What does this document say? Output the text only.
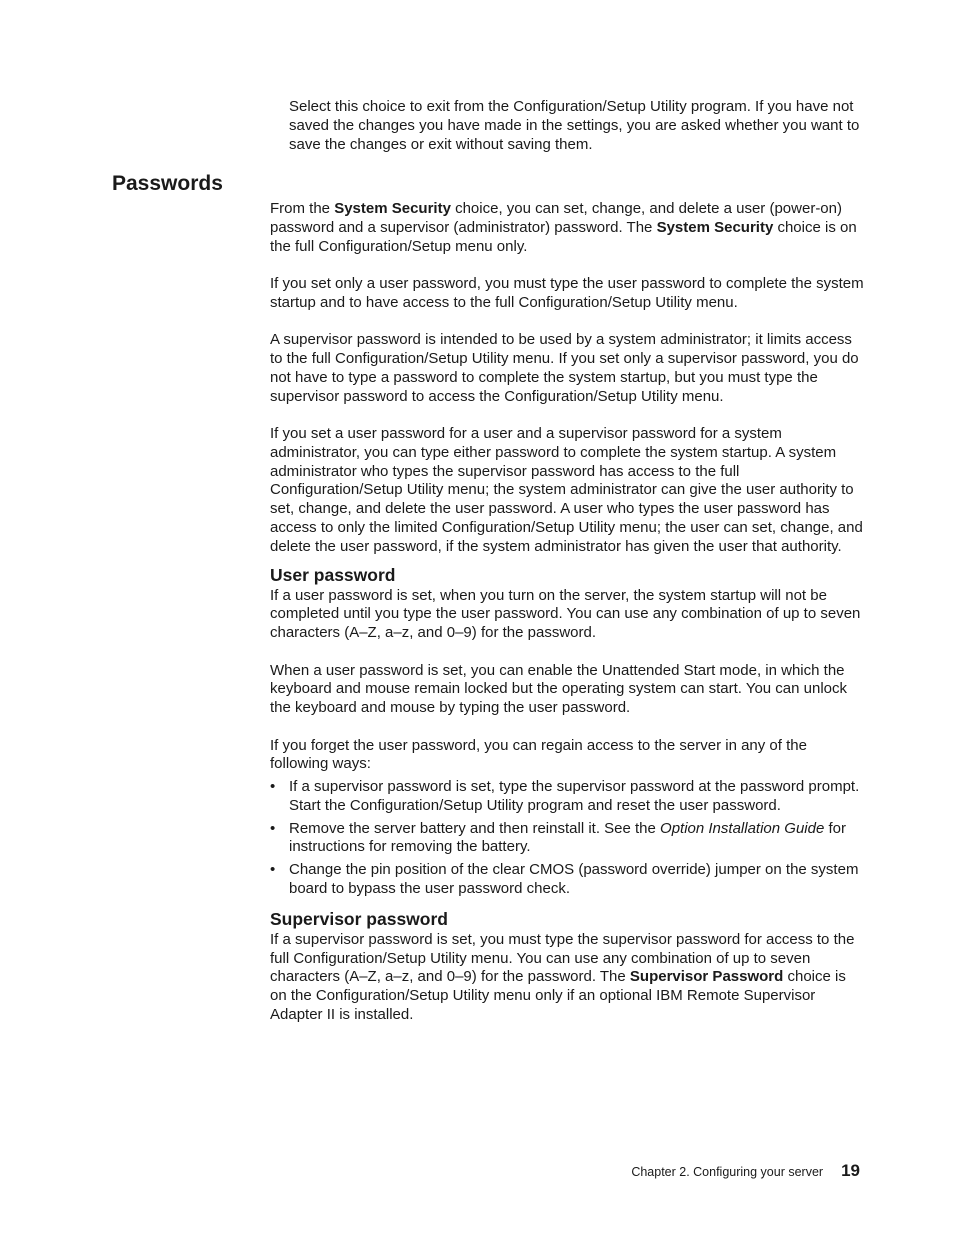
Select this choice to exit from the Configuration/Setup Utility program. If you have not saved the changes you have made in the settings, you are asked whether you want to save the changes or exit without saving them.

Passwords

From the System Security choice, you can set, change, and delete a user (power-on) password and a supervisor (administrator) password. The System Security choice is on the full Configuration/Setup menu only.

If you set only a user password, you must type the user password to complete the system startup and to have access to the full Configuration/Setup Utility menu.

A supervisor password is intended to be used by a system administrator; it limits access to the full Configuration/Setup Utility menu. If you set only a supervisor password, you do not have to type a password to complete the system startup, but you must type the supervisor password to access the Configuration/Setup Utility menu.

If you set a user password for a user and a supervisor password for a system administrator, you can type either password to complete the system startup. A system administrator who types the supervisor password has access to the full Configuration/Setup Utility menu; the system administrator can give the user authority to set, change, and delete the user password. A user who types the user password has access to only the limited Configuration/Setup Utility menu; the user can set, change, and delete the user password, if the system administrator has given the user that authority.

User password

If a user password is set, when you turn on the server, the system startup will not be completed until you type the user password. You can use any combination of up to seven characters (A–Z, a–z, and 0–9) for the password.

When a user password is set, you can enable the Unattended Start mode, in which the keyboard and mouse remain locked but the operating system can start. You can unlock the keyboard and mouse by typing the user password.

If you forget the user password, you can regain access to the server in any of the following ways:

• If a supervisor password is set, type the supervisor password at the password prompt. Start the Configuration/Setup Utility program and reset the user password.
• Remove the server battery and then reinstall it. See the Option Installation Guide for instructions for removing the battery.
• Change the pin position of the clear CMOS (password override) jumper on the system board to bypass the user password check.
Supervisor password

If a supervisor password is set, you must type the supervisor password for access to the full Configuration/Setup Utility menu. You can use any combination of up to seven characters (A–Z, a–z, and 0–9) for the password. The Supervisor Password choice is on the Configuration/Setup Utility menu only if an optional IBM Remote Supervisor Adapter II is installed.

Chapter 2. Configuring your server 19
